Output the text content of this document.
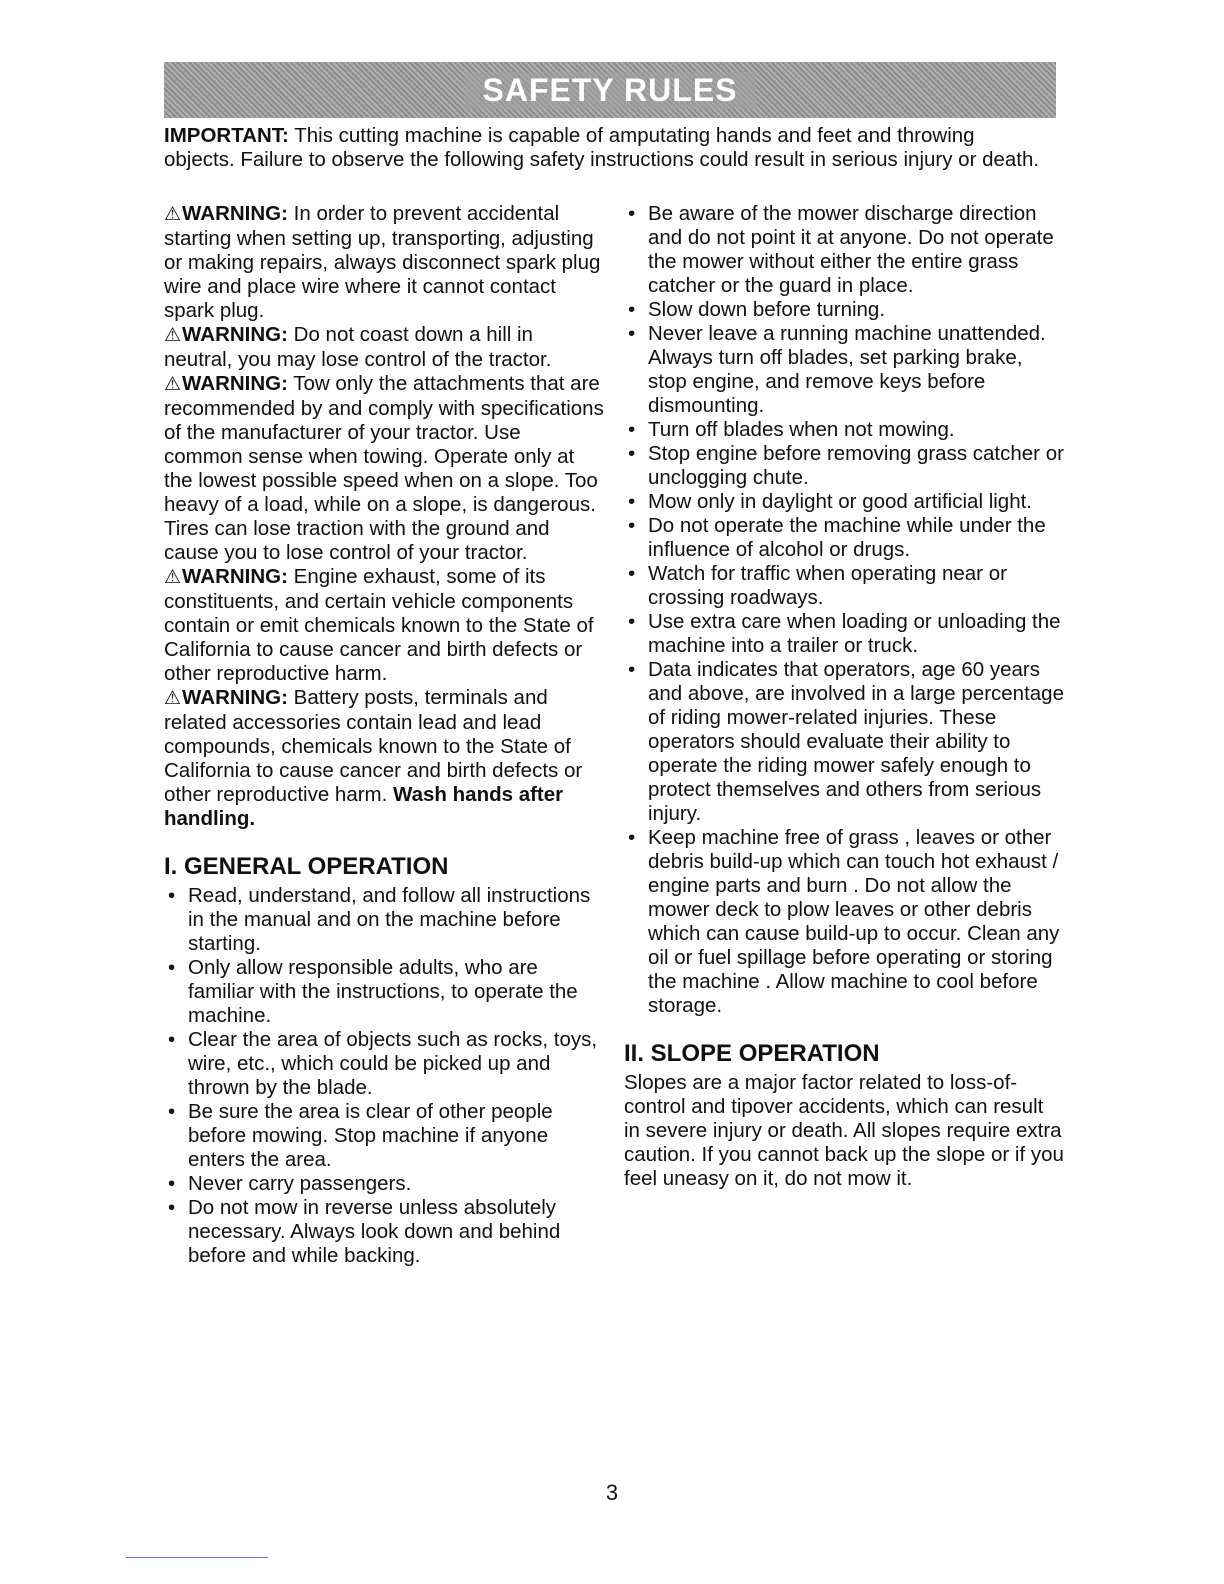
SAFETY RULES

IMPORTANT: This cutting machine is capable of amputating hands and feet and throwing objects. Failure to observe the following safety instructions could result in serious injury or death.

⚠WARNING: In order to prevent accidental starting when setting up, transporting, adjusting or making repairs, always disconnect spark plug wire and place wire where it cannot contact spark plug.

⚠WARNING: Do not coast down a hill in neutral, you may lose control of the tractor.

⚠WARNING: Tow only the attachments that are recommended by and comply with specifications of the manufacturer of your tractor. Use common sense when towing. Operate only at the lowest possible speed when on a slope. Too heavy of a load, while on a slope, is dangerous. Tires can lose traction with the ground and cause you to lose control of your tractor.

⚠WARNING: Engine exhaust, some of its constituents, and certain vehicle components contain or emit chemicals known to the State of California to cause cancer and birth defects or other reproductive harm.

⚠WARNING: Battery posts, terminals and related accessories contain lead and lead compounds, chemicals known to the State of California to cause cancer and birth defects or other reproductive harm. Wash hands after handling.

I. GENERAL OPERATION
• Read, understand, and follow all instructions in the manual and on the machine before starting.
• Only allow responsible adults, who are familiar with the instructions, to operate the machine.
• Clear the area of objects such as rocks, toys, wire, etc., which could be picked up and thrown by the blade.
• Be sure the area is clear of other people before mowing. Stop machine if anyone enters the area.
• Never carry passengers.
• Do not mow in reverse unless absolutely necessary. Always look down and behind before and while backing.
• Be aware of the mower discharge direction and do not point it at anyone. Do not operate the mower without either the entire grass catcher or the guard in place.
• Slow down before turning.
• Never leave a running machine unattended. Always turn off blades, set parking brake, stop engine, and remove keys before dismounting.
• Turn off blades when not mowing.
• Stop engine before removing grass catcher or unclogging chute.
• Mow only in daylight or good artificial light.
• Do not operate the machine while under the influence of alcohol or drugs.
• Watch for traffic when operating near or crossing roadways.
• Use extra care when loading or unloading the machine into a trailer or truck.
• Data indicates that operators, age 60 years and above, are involved in a large percentage of riding mower-related injuries. These operators should evaluate their ability to operate the riding mower safely enough to protect themselves and others from serious injury.
• Keep machine free of grass , leaves or other debris build-up which can touch hot exhaust / engine parts and burn . Do not allow the mower deck to plow leaves or other debris which can cause build-up to occur. Clean any oil or fuel spillage before operating or storing the machine . Allow machine to cool before storage.
II. SLOPE OPERATION

Slopes are a major factor related to loss-of-control and tipover accidents, which can result in severe injury or death. All slopes require extra caution. If you cannot back up the slope or if you feel uneasy on it, do not mow it.

3
